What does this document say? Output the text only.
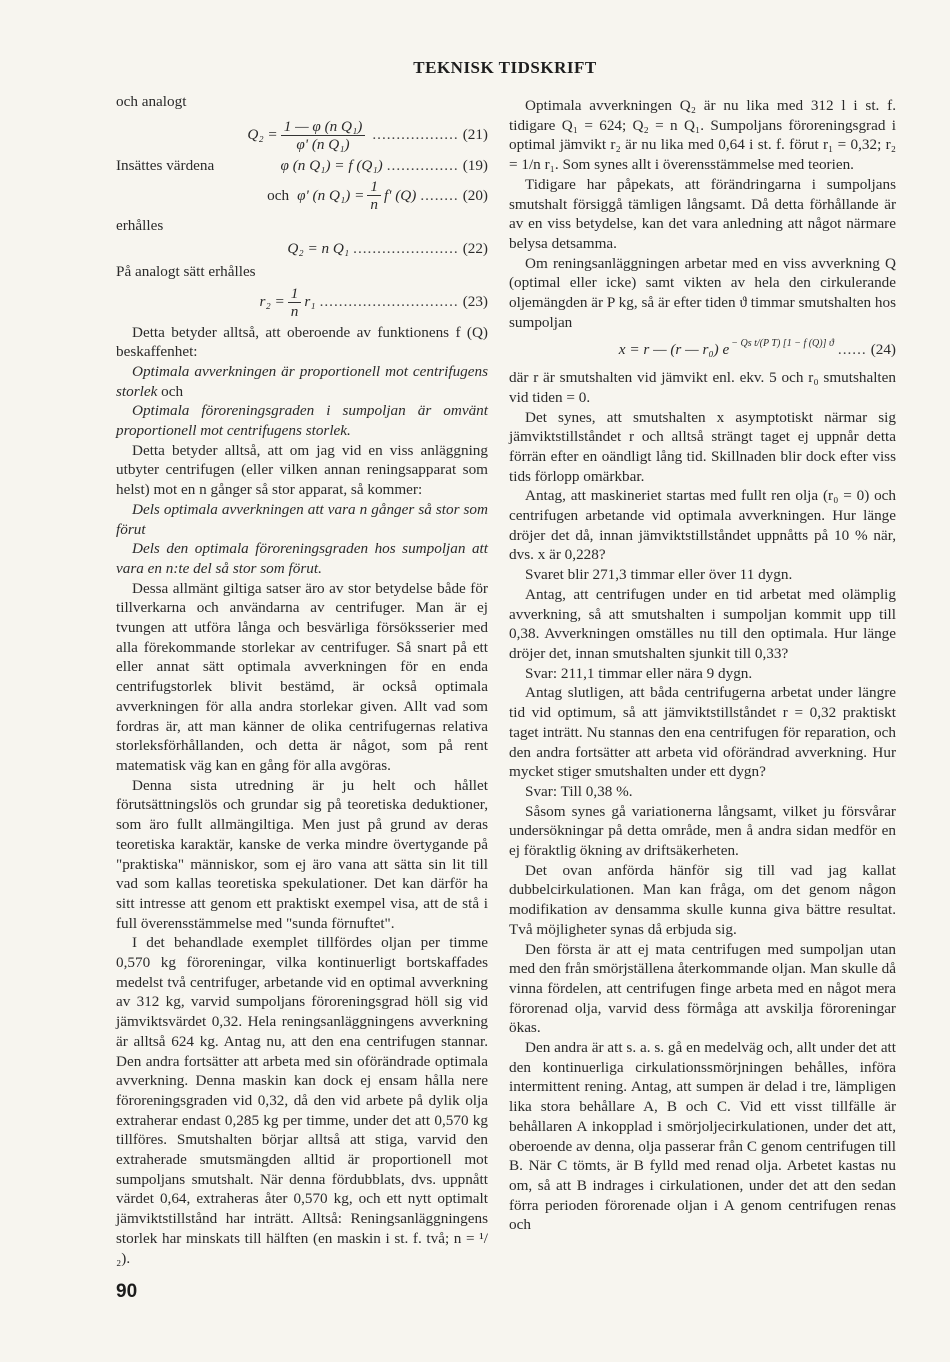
TEKNISK TIDSKRIFT

och analogt

$Q_2 = \frac{\text{1 — φ (n Q₁)}}{\text{φ' (n Q₁)}}$ .................. (21)
Insättes värdena	φ (n Q₁) = f (Q₁) ............... (19)
och φ' (n $Q_1) = \frac{1}{n} f'$ (Q) ........ (20)

erhålles

Q₂ = n Q₁ ...................... (22)

På analogt sätt erhålles

$r_2 = \frac{1}{n} r_1$ ............................. (23)

Detta betyder alltså, att oberoende av funktionens f (Q) beskaffenhet:

Optimala avverkningen är proportionell mot centrifugens storlek och

Optimala föroreningsgraden i sumpoljan är omvänt proportionell mot centrifugens storlek.

Detta betyder alltså, att om jag vid en viss anläggning utbyter centrifugen (eller vilken annan reningsapparat som helst) mot en n gånger så stor apparat, så kommer:

Dels optimala avverkningen att vara n gånger så stor som förut

Dels den optimala föroreningsgraden hos sumpoljan att vara en n:te del så stor som förut.

Dessa allmänt giltiga satser äro av stor betydelse både för tillverkarna och användarna av centrifuger. Man är ej tvungen att utföra långa och besvärliga försöksserier med alla förekommande storlekar av centrifuger. Så snart på ett eller annat sätt optimala avverkningen för en enda centrifugstorlek blivit bestämd, är också optimala avverkningen för alla andra storlekar given. Allt vad som fordras är, att man känner de olika centrifugernas relativa storleksförhållanden, och detta är något, som på rent matematisk väg kan en gång för alla avgöras.

Denna sista utredning är ju helt och hållet förutsättningslös och grundar sig på teoretiska deduktioner, som äro fullt allmängiltiga. Men just på grund av deras teoretiska karaktär, kanske de verka mindre övertygande på "praktiska" människor, som ej äro vana att sätta sin lit till vad som kallas teoretiska spekulationer. Det kan därför ha sitt intresse att genom ett praktiskt exempel visa, att de stå i full överensstämmelse med "sunda förnuftet".

I det behandlade exemplet tillfördes oljan per timme 0,570 kg föroreningar, vilka kontinuerligt bortskaffades medelst två centrifuger, arbetande vid en optimal avverkning av 312 kg, varvid sumpoljans föroreningsgrad höll sig vid jämviktsvärdet 0,32. Hela reningsanläggningens avverkning är alltså 624 kg. Antag nu, att den ena centrifugen stannar. Den andra fortsätter att arbeta med sin oförändrade optimala avverkning. Denna maskin kan dock ej ensam hålla nere föroreningsgraden vid 0,32, då den vid arbete på dylik olja extraherar endast 0,285 kg per timme, under det att 0,570 kg tillföres. Smutshalten börjar alltså att stiga, varvid den extraherade smutsmängden alltid är proportionell mot sumpoljans smutshalt. När denna fördubblats, dvs. uppnått värdet 0,64, extraheras åter 0,570 kg, och ett nytt optimalt jämviktstillstånd har inträtt. Alltså: Reningsanläggningens storlek har minskats till hälften (en maskin i st. f. två; n = ¹/₂).

Optimala avverkningen Q₂ är nu lika med 312 l i st. f. tidigare Q₁ = 624; Q₂ = n Q₁. Sumpoljans föroreningsgrad i optimal jämvikt r₂ är nu lika med 0,64 i st. f. förut r₁ = 0,32; r₂ = 1/n r₁. Som synes allt i överensstämmelse med teorien.

Tidigare har påpekats, att förändringarna i sumpoljans smutshalt försiggå tämligen långsamt. Då detta förhållande är av en viss betydelse, kan det vara anledning att något närmare belysa detsamma.

Om reningsanläggningen arbetar med en viss avverkning Q (optimal eller icke) samt vikten av hela den cirkulerande oljemängden är P kg, så är efter tiden ϑ timmar smutshalten hos sumpoljan

x = r — (r — r₀) $e^{- Qs t/(P T) [1 - f (Q)] ϑ}$ ...... (24)

där r är smutshalten vid jämvikt enl. ekv. 5 och r₀ smutshalten vid tiden = 0.

Det synes, att smutshalten x asymptotiskt närmar sig jämviktstillståndet r och alltså strängt taget ej uppnår detta förrän efter en oändligt lång tid. Skillnaden blir dock efter viss tids förlopp omärkbar.

Antag, att maskineriet startas med fullt ren olja (r₀ = 0) och centrifugen arbetande vid optimala avverkningen. Hur länge dröjer det då, innan jämviktstillståndet uppnåtts på 10 % när, dvs. x är 0,228?

Svaret blir 271,3 timmar eller över 11 dygn.

Antag, att centrifugen under en tid arbetat med olämplig avverkning, så att smutshalten i sumpoljan kommit upp till 0,38. Avverkningen omställes nu till den optimala. Hur länge dröjer det, innan smutshalten sjunkit till 0,33?

Svar: 211,1 timmar eller nära 9 dygn.

Antag slutligen, att båda centrifugerna arbetat under längre tid vid optimum, så att jämviktstillståndet r = 0,32 praktiskt taget inträtt. Nu stannas den ena centrifugen för reparation, och den andra fortsätter att arbeta vid oförändrad avverkning. Hur mycket stiger smutshalten under ett dygn?

Svar: Till 0,38 %.

Såsom synes gå variationerna långsamt, vilket ju försvårar undersökningar på detta område, men å andra sidan medför en ej föraktlig ökning av driftsäkerheten.

Det ovan anförda hänför sig till vad jag kallat dubbelcirkulationen. Man kan fråga, om det genom någon modifikation av densamma skulle kunna giva bättre resultat. Två möjligheter synas då erbjuda sig.

Den första är att ej mata centrifugen med sumpoljan utan med den från smörjställena återkommande oljan. Man skulle då vinna fördelen, att centrifugen finge arbeta med en något mera förorenad olja, varvid dess förmåga att avskilja föroreningar ökas.

Den andra är att s. a. s. gå en medelväg och, allt under det att den kontinuerliga cirkulationssmörjningen behålles, införa intermittent rening. Antag, att sumpen är delad i tre, lämpligen lika stora behållare A, B och C. Vid ett visst tillfälle är behållaren A inkopplad i smörjoljecirkulationen, under det att, oberoende av denna, olja passerar från C genom centrifugen till B. När C tömts, är B fylld med renad olja. Arbetet kastas nu om, så att B indrages i cirkulationen, under det att den sedan förra perioden förorenade oljan i A genom centrifugen renas och

90
